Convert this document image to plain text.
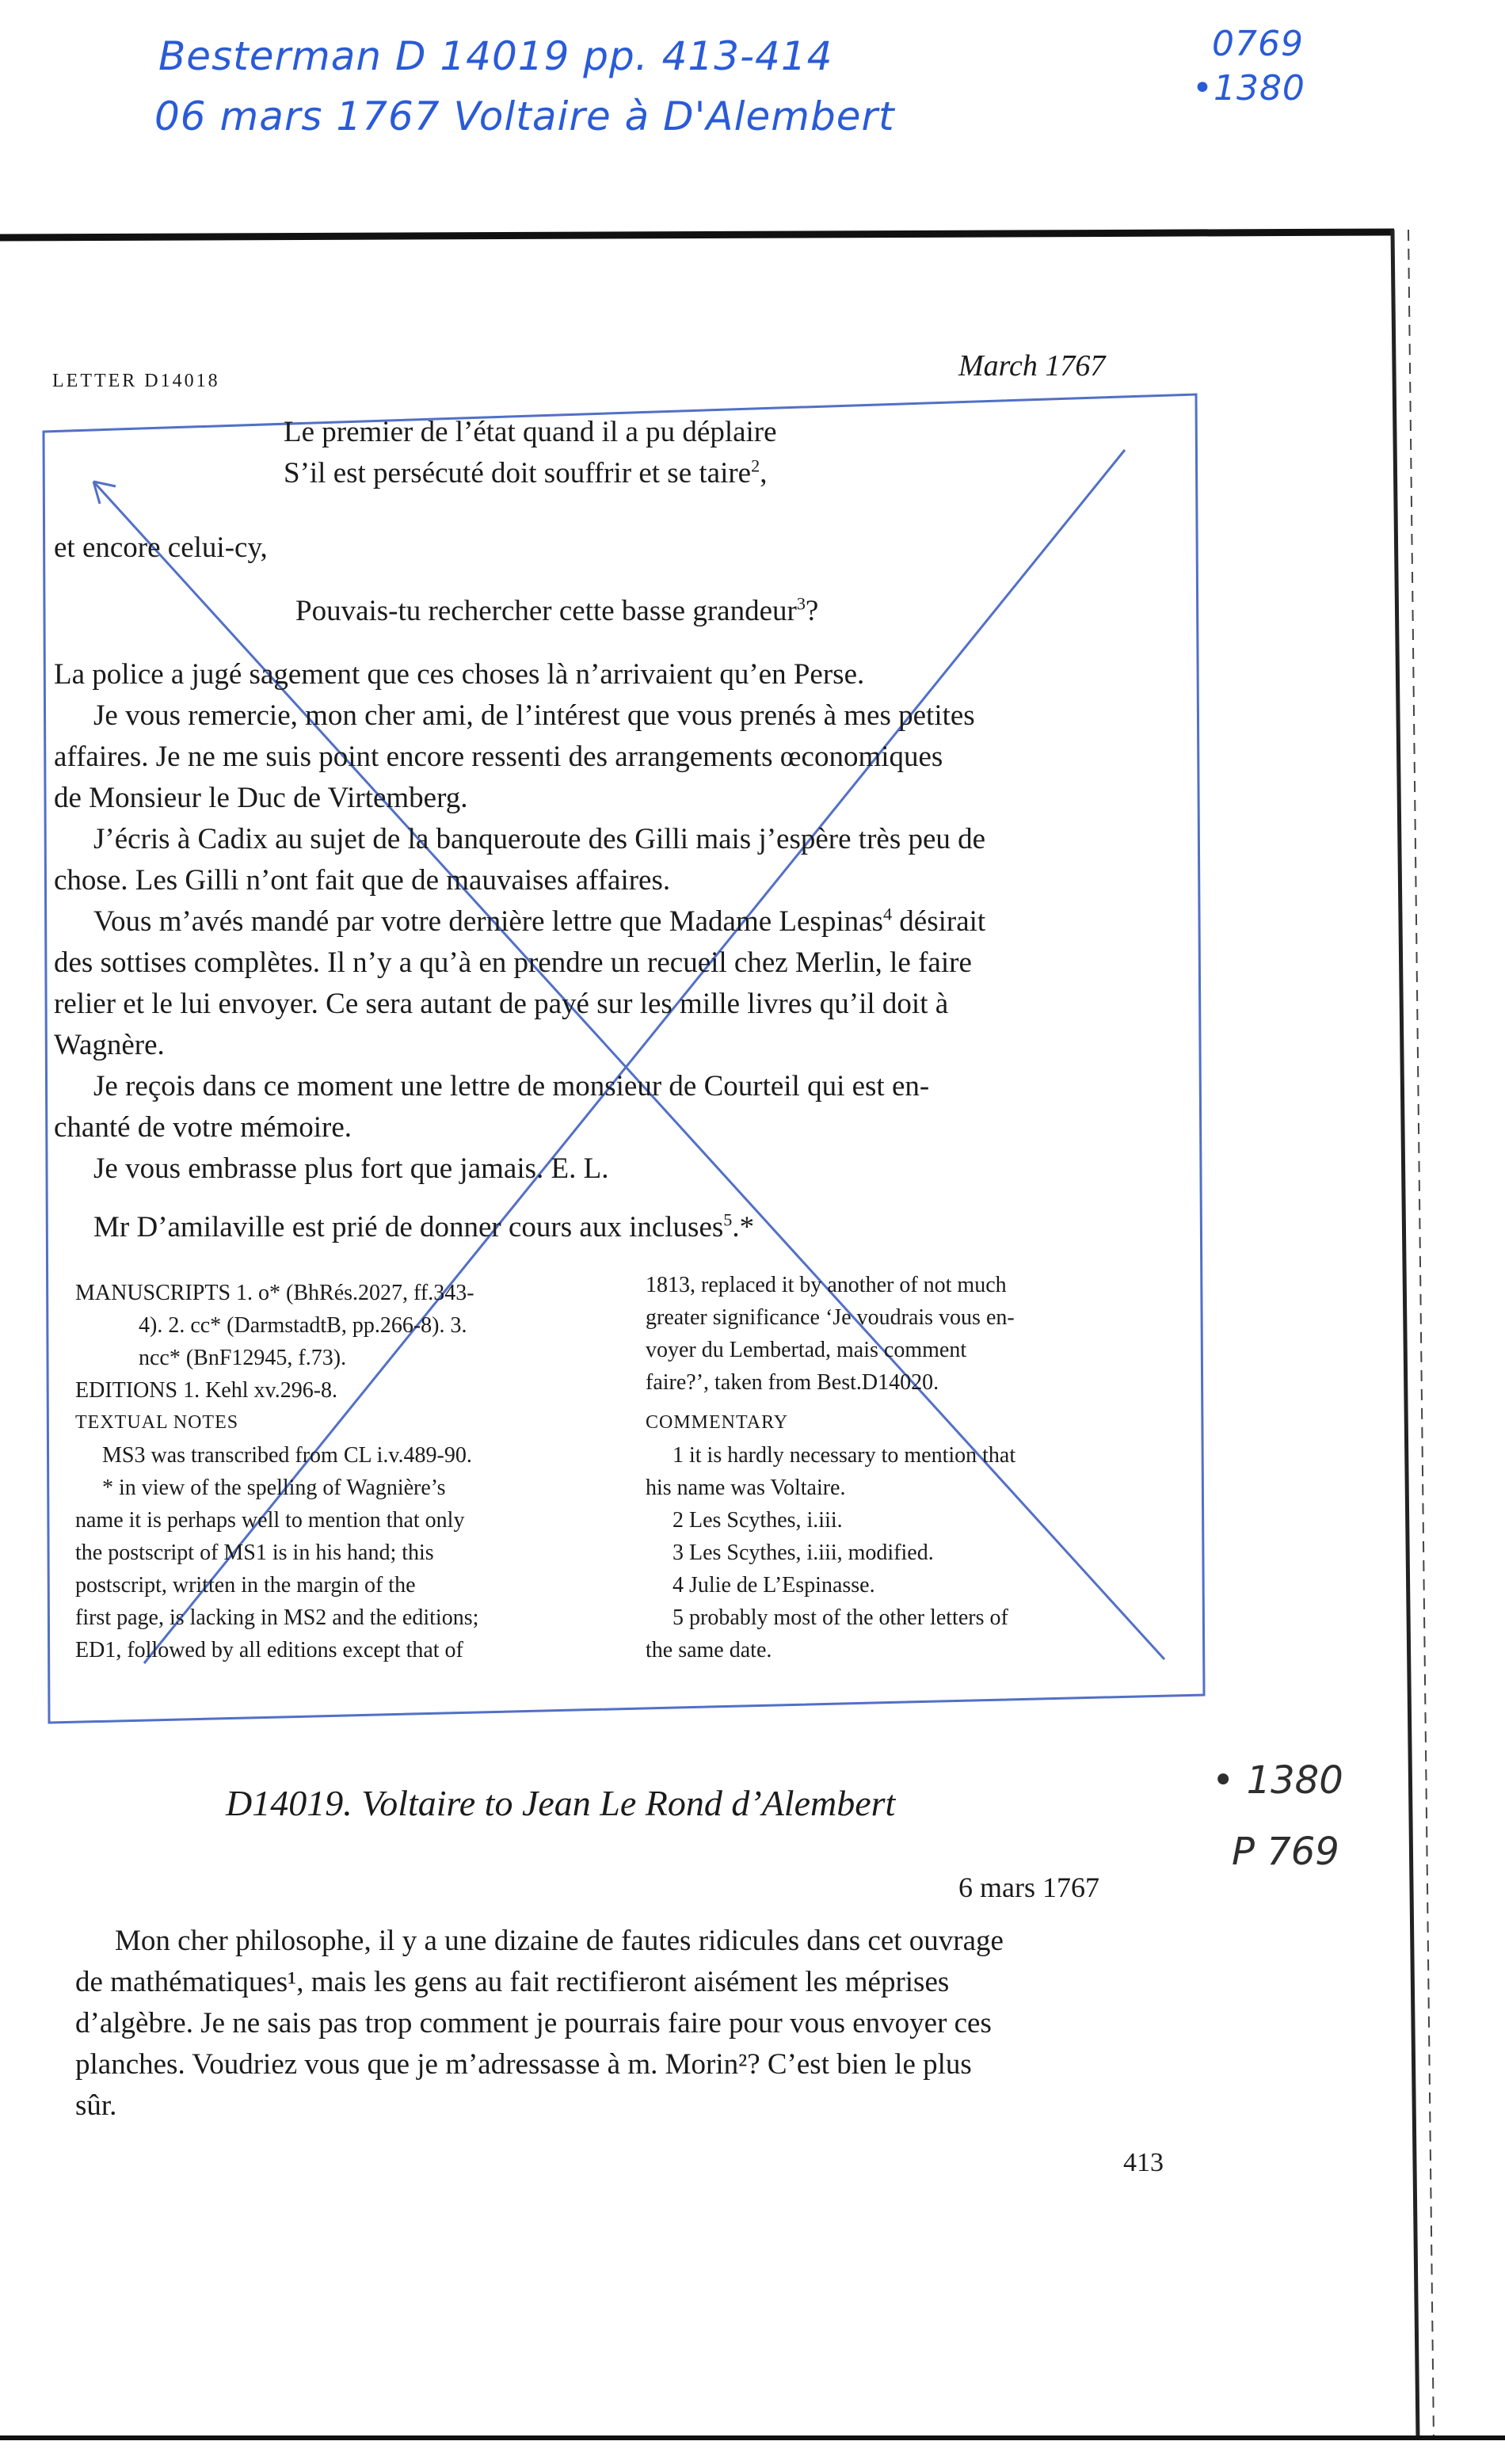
Besterman D 14019 pp. 413-414
06 mars 1767 Voltaire à D'Alembert
0769
•1380
• 1380
P 769
LETTER D14018	March 1767
Le premier de l’état quand il a pu déplaire
S’il est persécuté doit souffrir et se taire$^2$,
et encore celui-cy,
Pouvais-tu rechercher cette basse grandeur$^3$?
La police a jugé sagement que ces choses là n’arrivaient qu’en Perse.
Je vous remercie, mon cher ami, de l’intérest que vous prenés à mes petites
affaires. Je ne me suis point encore ressenti des arrangements œconomiques
de Monsieur le Duc de Virtemberg.
J’écris à Cadix au sujet de la banqueroute des Gilli mais j’espère très peu de
chose. Les Gilli n’ont fait que de mauvaises affaires.
Vous m’avés mandé par votre dernière lettre que Madame Lespinas$^4$ désirait
des sottises complètes. Il n’y a qu’à en prendre un recueil chez Merlin, le faire
relier et le lui envoyer. Ce sera autant de payé sur les mille livres qu’il doit à
Wagnère.
Je reçois dans ce moment une lettre de monsieur de Courteil qui est en-
chanté de votre mémoire.
Je vous embrasse plus fort que jamais. E. L.
Mr D’amilaville est prié de donner cours aux incluses$^5$.*
MANUSCRIPTS 1. o* (BhRés.2027, ff.343-
4). 2. cc* (DarmstadtB, pp.266-8). 3.
ncc* (BnF12945, f.73).
EDITIONS 1. Kehl xv.296-8.
TEXTUAL NOTES
MS3 was transcribed from CL i.v.489-90.
* in view of the spelling of Wagnière’s
name it is perhaps well to mention that only
the postscript of MS1 is in his hand; this
postscript, written in the margin of the
first page, is lacking in MS2 and the editions;
ED1, followed by all editions except that of
1813, replaced it by another of not much
greater significance ‘Je voudrais vous en-
voyer du Lembertad, mais comment
faire?’, taken from Best.D14020.
COMMENTARY
1 it is hardly necessary to mention that
his name was Voltaire.
2 Les Scythes, i.iii.
3 Les Scythes, i.iii, modified.
4 Julie de L’Espinasse.
5 probably most of the other letters of
the same date.
D14019. Voltaire to Jean Le Rond d’Alembert
6 mars 1767
Mon cher philosophe, il y a une dizaine de fautes ridicules dans cet ouvrage
de mathématiques¹, mais les gens au fait rectifieront aisément les méprises
d’algèbre. Je ne sais pas trop comment je pourrais faire pour vous envoyer ces
planches. Voudriez vous que je m’adressasse à m. Morin²? C’est bien le plus
sûr.
413
